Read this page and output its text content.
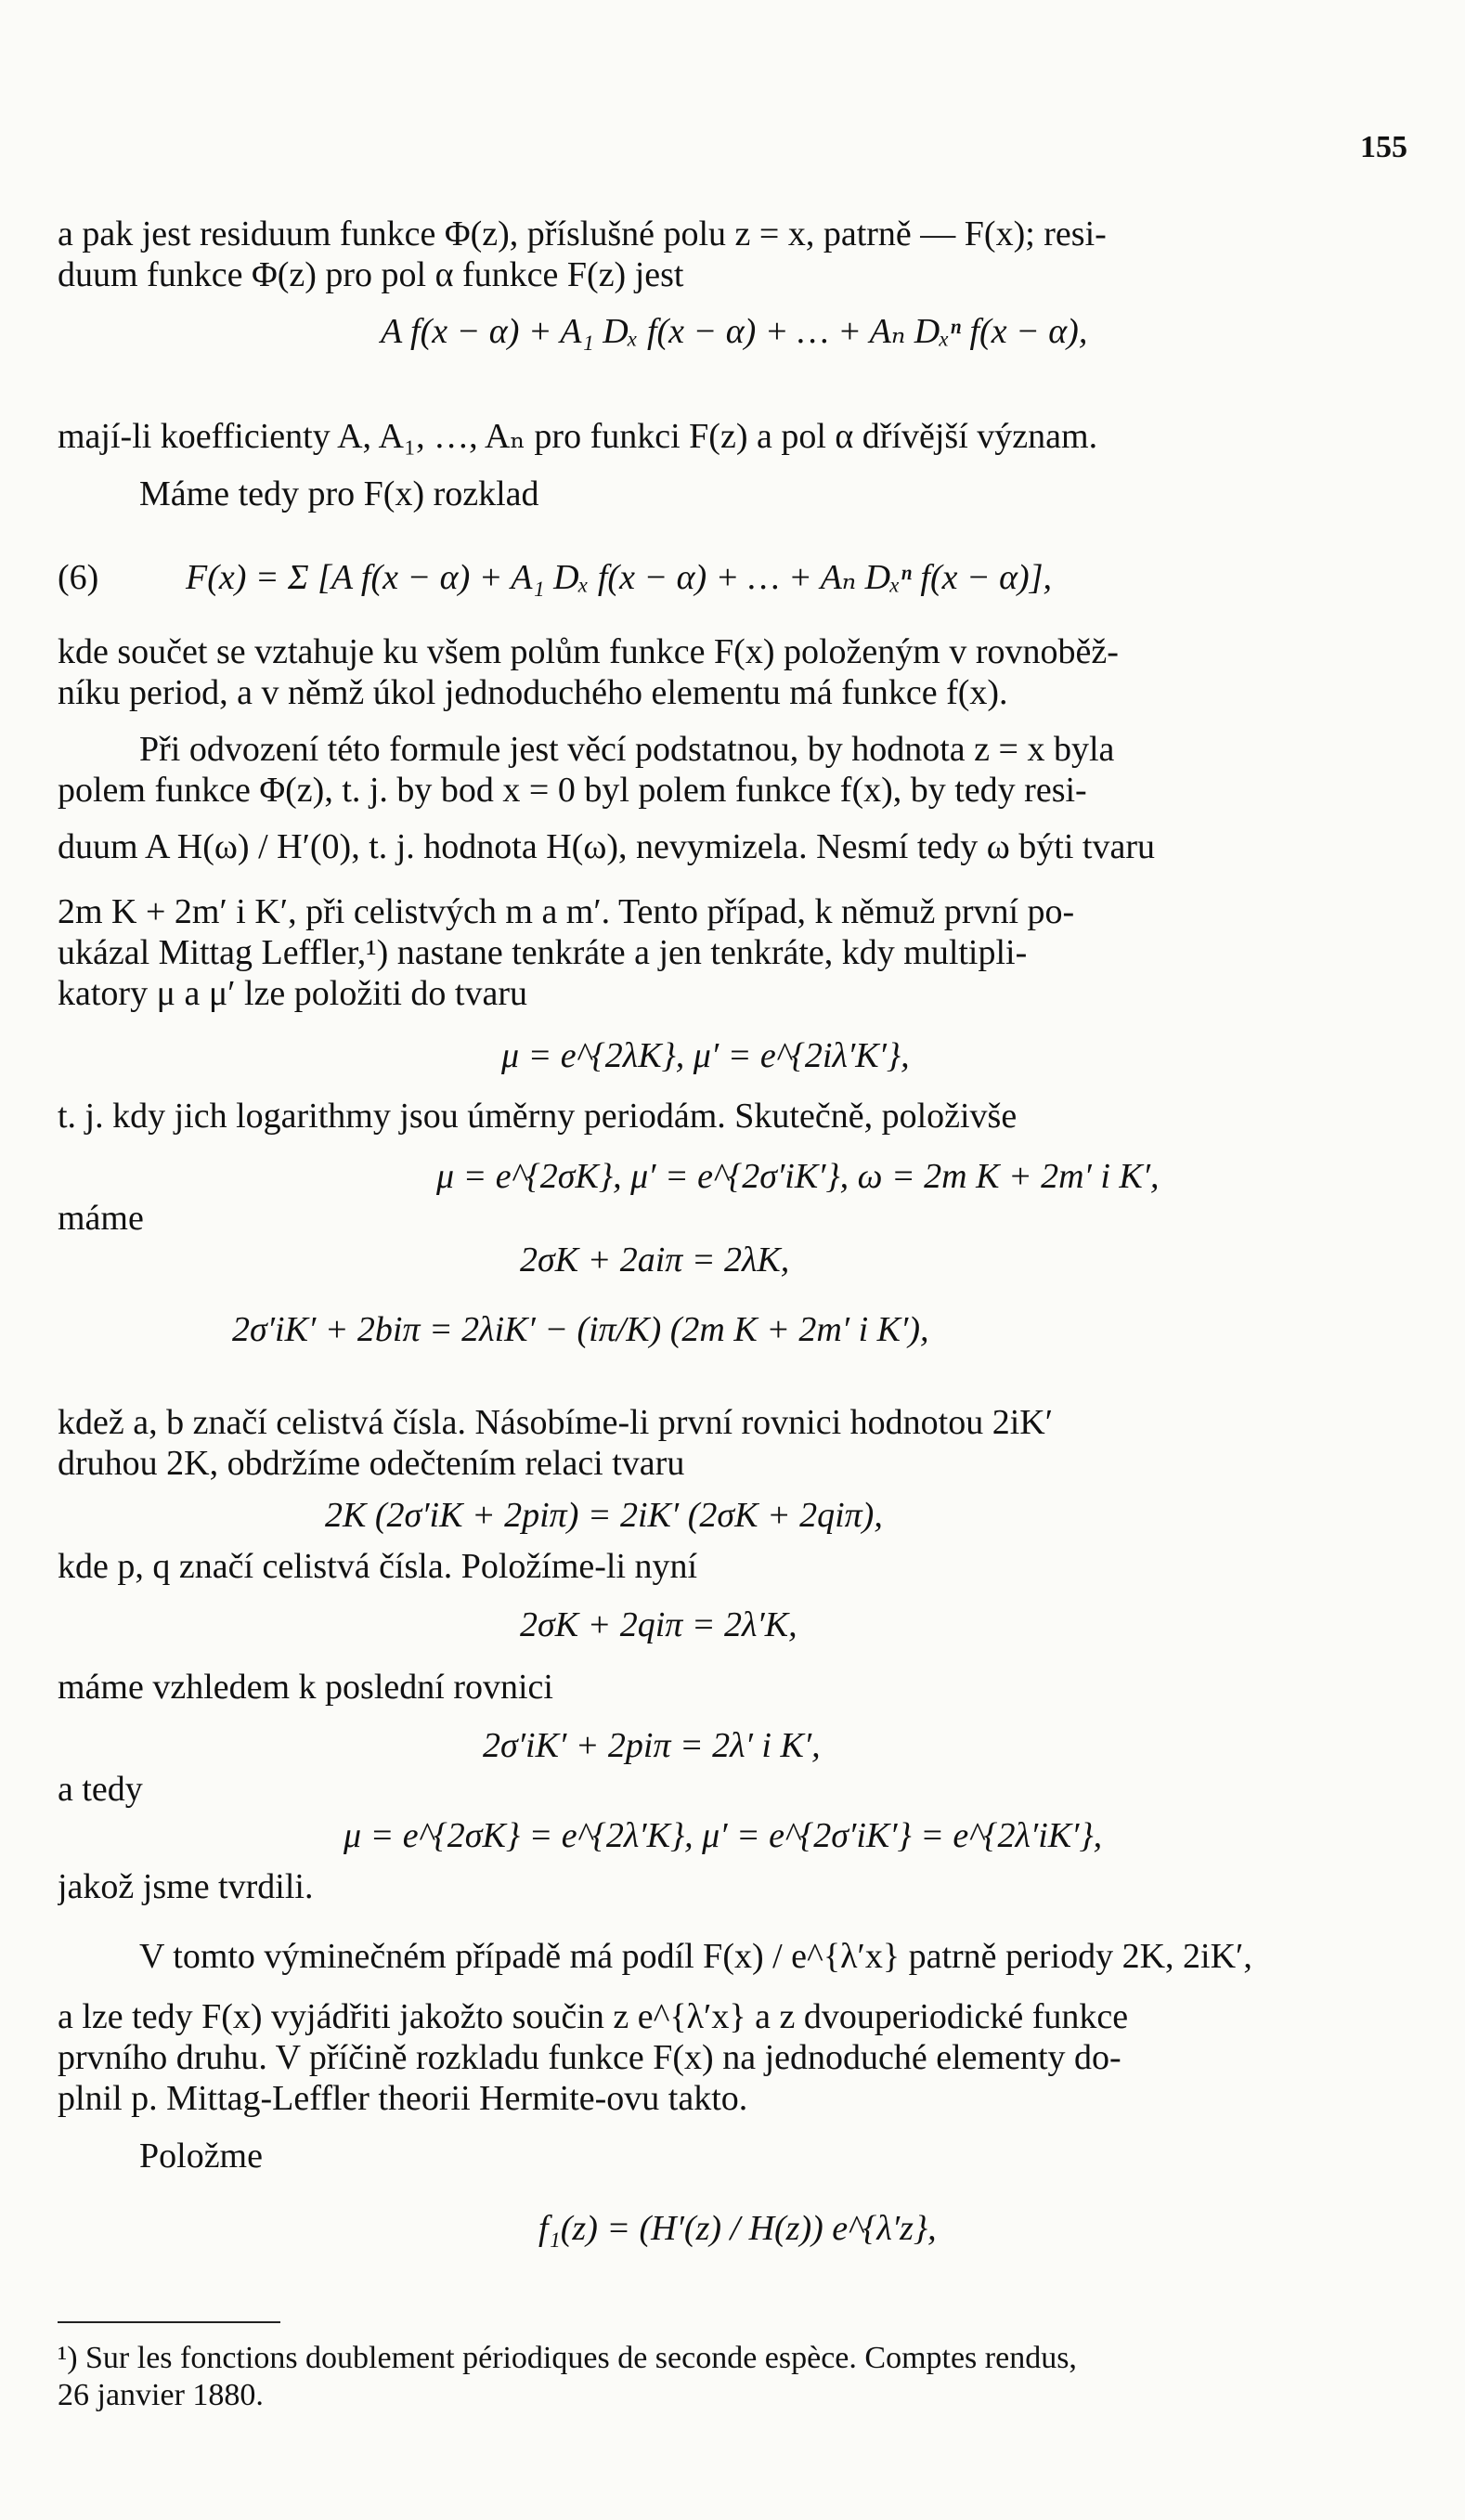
155
a pak jest residuum funkce Φ(z), příslušné polu z = x, patrně — F(x); resi-
duum funkce Φ(z) pro pol α funkce F(z) jest
A f(x − α) + A₁ Dₓ f(x − α) + … + Aₙ Dₓⁿ f(x − α),
mají-li koefficienty A, A₁, …, Aₙ pro funkci F(z) a pol α dřívější význam.
Máme tedy pro F(x) rozklad
(6) F(x) = Σ [A f(x − α) + A₁ Dₓ f(x − α) + … + Aₙ Dₓⁿ f(x − α)],
kde součet se vztahuje ku všem polům funkce F(x) položeným v rovnoběž-
níku period, a v němž úkol jednoduchého elementu má funkce f(x).
Při odvození této formule jest věcí podstatnou, by hodnota z = x byla
polem funkce Φ(z), t. j. by bod x = 0 byl polem funkce f(x), by tedy resi-
duum A H(ω) / H′(0), t. j. hodnota H(ω), nevymizela. Nesmí tedy ω býti tvaru
2m K + 2m′ i K′, při celistvých m a m′. Tento případ, k němuž první po-
ukázal Mittag Leffler,¹) nastane tenkráte a jen tenkráte, kdy multipli-
katory μ a μ′ lze položiti do tvaru
μ = e^{2λK}, μ′ = e^{2iλ′K′},
t. j. kdy jich logarithmy jsou úměrny periodám. Skutečně, položivše
μ = e^{2σK}, μ′ = e^{2σ′iK′}, ω = 2m K + 2m′ i K′,
máme
2σK + 2aiπ = 2λK,
2σ′iK′ + 2biπ = 2λiK′ − (iπ/K) (2m K + 2m′ i K′),
kdež a, b značí celistvá čísla. Násobíme-li první rovnici hodnotou 2iK′
druhou 2K, obdržíme odečtením relaci tvaru
2K (2σ′iK + 2piπ) = 2iK′ (2σK + 2qiπ),
kde p, q značí celistvá čísla. Položíme-li nyní
2σK + 2qiπ = 2λ′K,
máme vzhledem k poslední rovnici
2σ′iK′ + 2piπ = 2λ′ i K′,
a tedy
μ = e^{2σK} = e^{2λ′K}, μ′ = e^{2σ′iK′} = e^{2λ′iK′},
jakož jsme tvrdili.
V tomto výminečném případě má podíl F(x) / e^{λ′x} patrně periody 2K, 2iK′,
a lze tedy F(x) vyjádřiti jakožto součin z e^{λ′x} a z dvouperiodické funkce
prvního druhu. V příčině rozkladu funkce F(x) na jednoduché elementy do-
plnil p. Mittag-Leffler theorii Hermite-ovu takto.
Položme
f₁(z) = (H′(z) / H(z)) e^{λ′z},
¹) Sur les fonctions doublement périodiques de seconde espèce. Comptes rendus,
26 janvier 1880.
